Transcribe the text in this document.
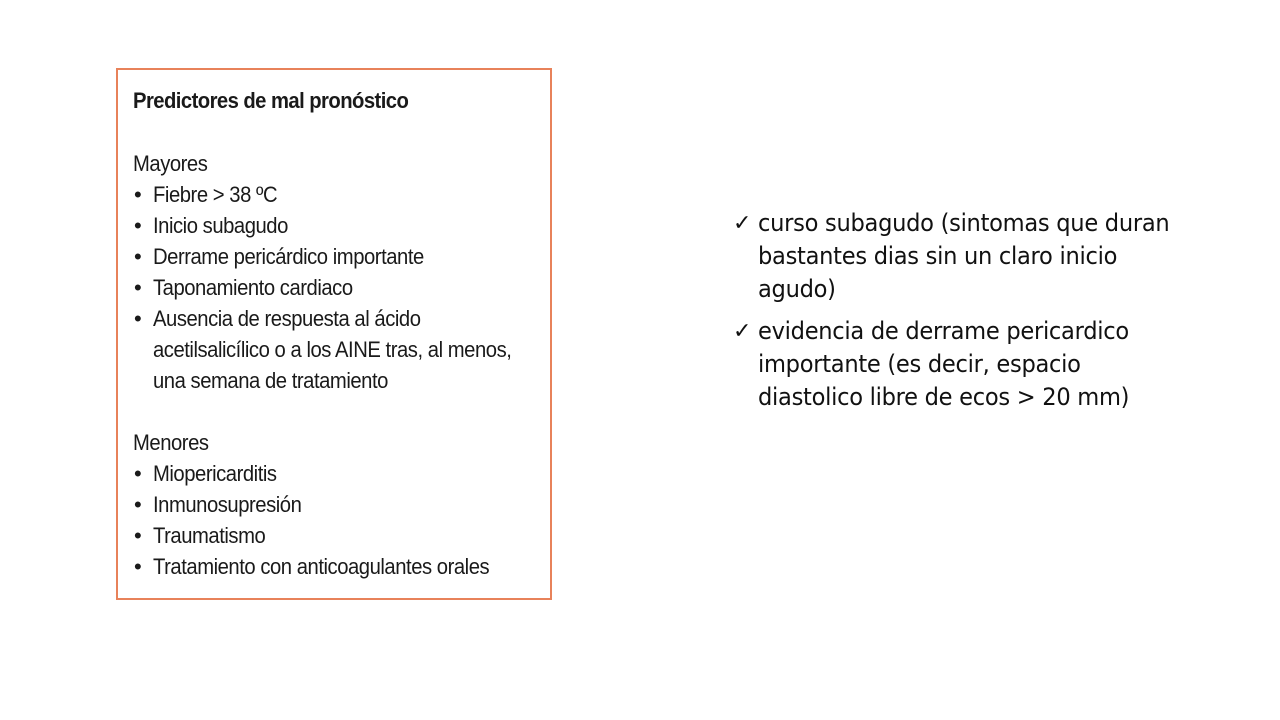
Predictores de mal pronóstico
Mayores
• Fiebre > 38 ºC
• Inicio subagudo
• Derrame pericárdico importante
• Taponamiento cardiaco
• Ausencia de respuesta al ácido
acetilsalicílico o a los AINE tras, al menos,
una semana de tratamiento
Menores
• Miopericarditis
• Inmunosupresión
• Traumatismo
• Tratamiento con anticoagulantes orales
✓ curso subagudo (sintomas que duran bastantes dias sin un claro inicio agudo)
✓ evidencia de derrame pericardico importante (es decir, espacio diastolico libre de ecos > 20 mm)
